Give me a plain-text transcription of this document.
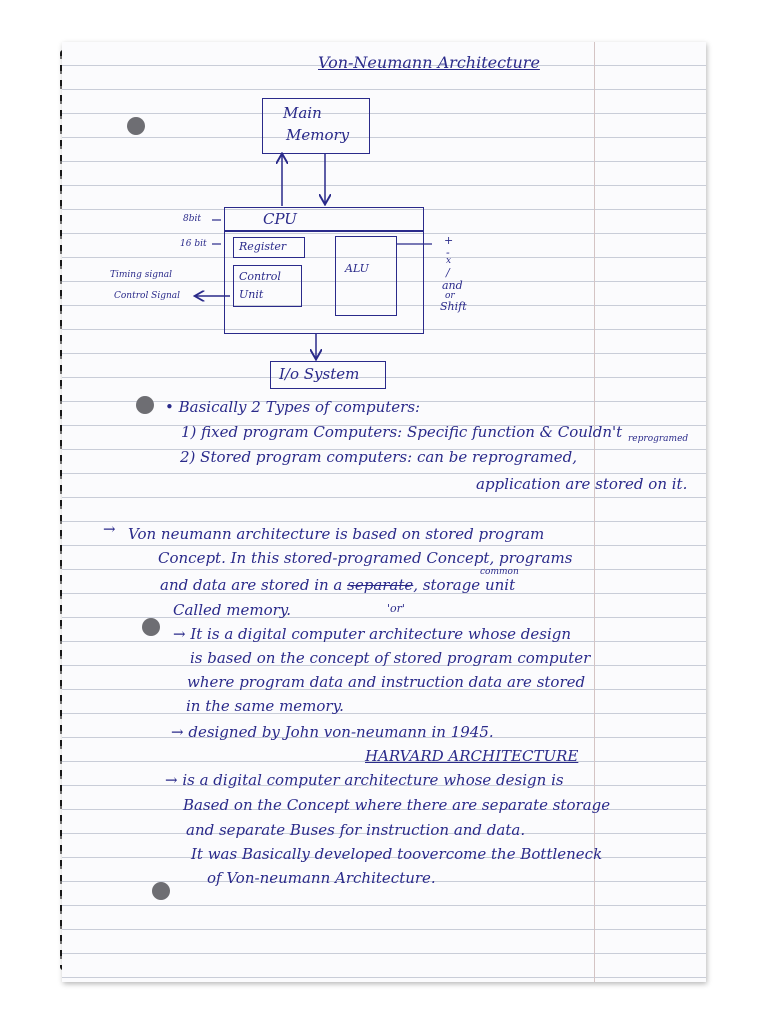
Von-Neumann Architecture
Main
Memory
CPU
Register
Control
Unit
ALU
I/o System
8bit
16 bit
Timing signal
Control Signal
+
-
x
/
and
or
Shift
• Basically 2 Types of computers:
1) fixed program Computers: Specific function & Couldn't reprogramed
2) Stored program computers: can be reprogramed,
application are stored on it.
→ Von neumann architecture is based on stored program
Concept. In this stored-programed Concept, programs
and data are stored in a separate, storage unit
common
Called memory.	'or'
→ It is a digital computer architecture whose design
is based on the concept of stored program computer
where program data and instruction data are stored
in the same memory.
→ designed by John von-neumann in 1945.
HARVARD ARCHITECTURE
→ is a digital computer architecture whose design is
Based on the Concept where there are separate storage
and separate Buses for instruction and data.
It was Basically developed toovercome the Bottleneck
of Von-neumann Architecture.
